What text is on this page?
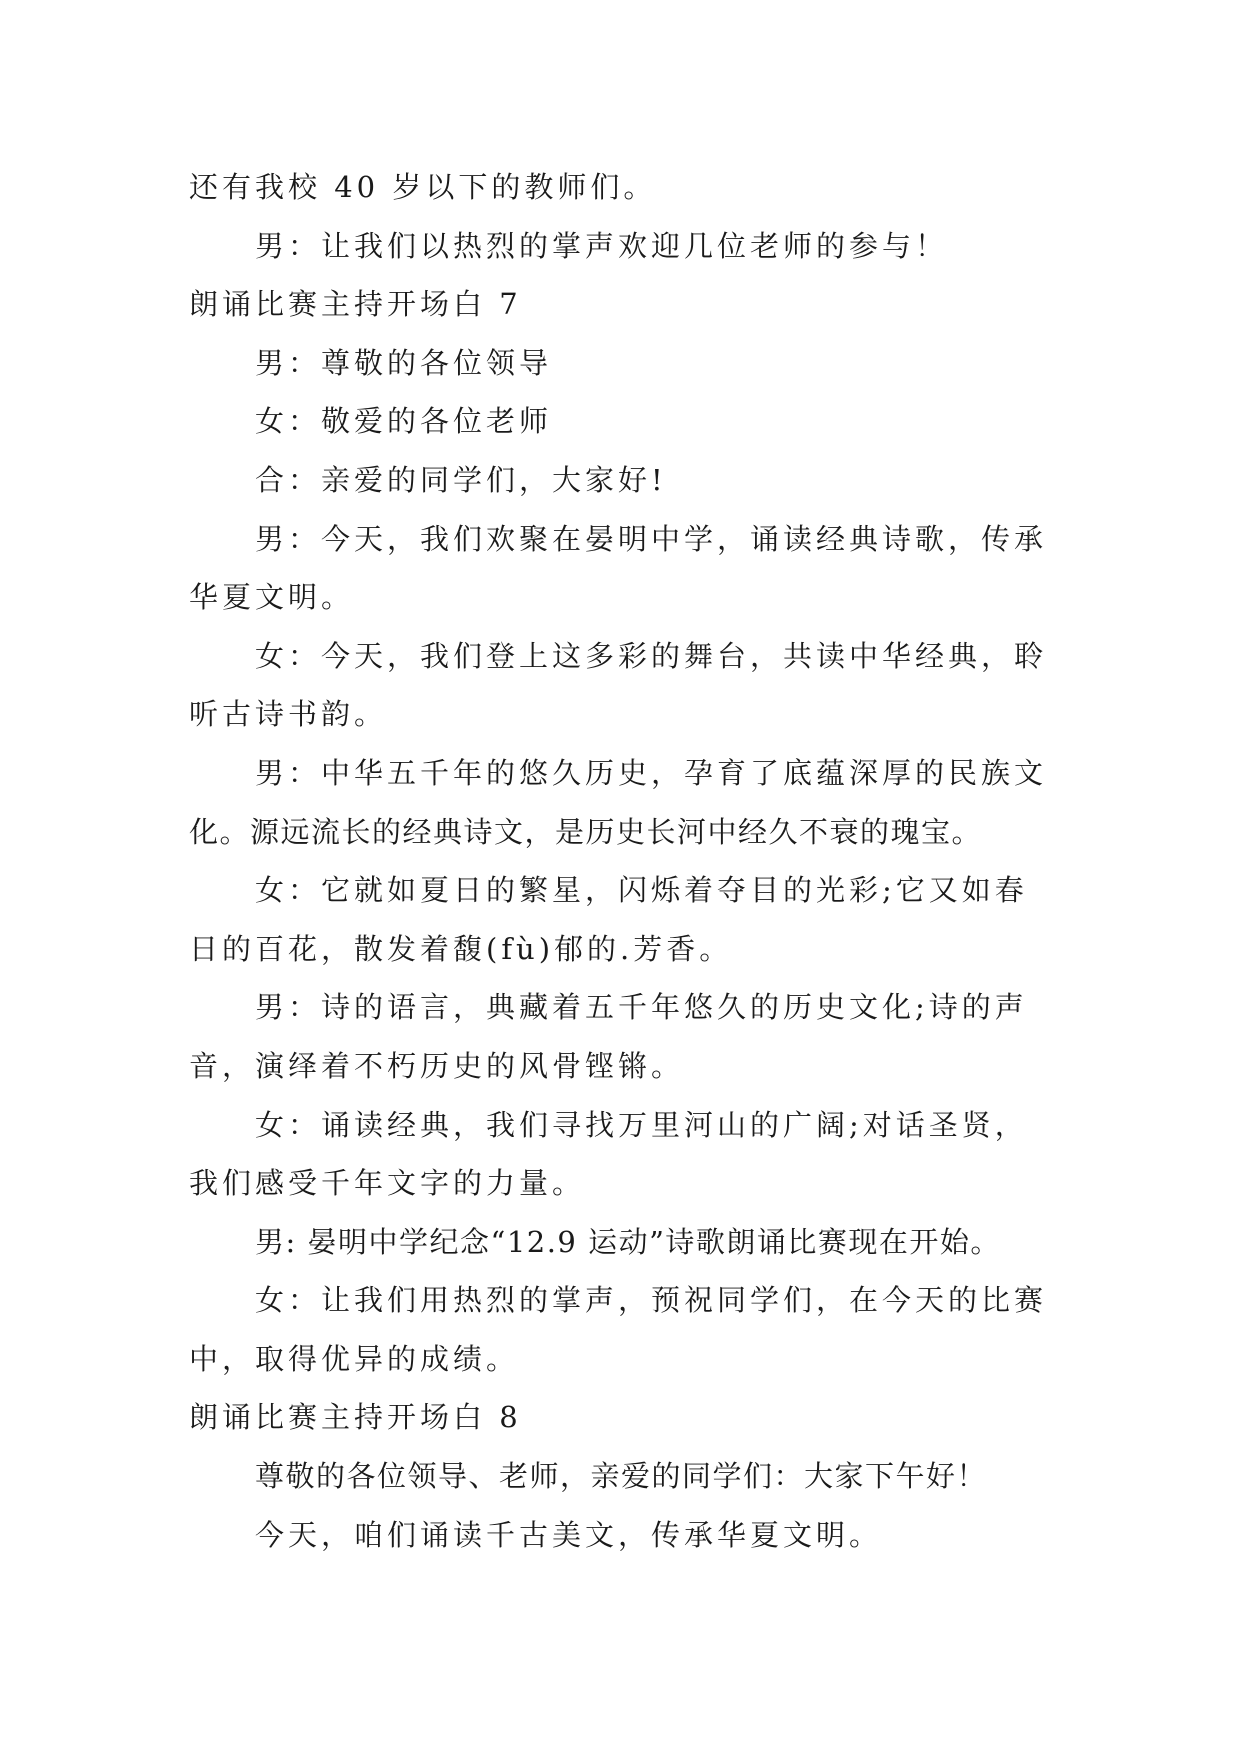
还有我校 40 岁以下的教师们。
男：让我们以热烈的掌声欢迎几位老师的参与！
朗诵比赛主持开场白 7
男：尊敬的各位领导
女：敬爱的各位老师
合：亲爱的同学们，大家好!
男：今天，我们欢聚在晏明中学，诵读经典诗歌，传承
华夏文明。
女：今天，我们登上这多彩的舞台，共读中华经典，聆
听古诗书韵。
男：中华五千年的悠久历史，孕育了底蕴深厚的民族文
化。源远流长的经典诗文，是历史长河中经久不衰的瑰宝。
女：它就如夏日的繁星，闪烁着夺目的光彩;它又如春
日的百花，散发着馥(fù)郁的.芳香。
男：诗的语言，典藏着五千年悠久的历史文化;诗的声
音，演绎着不朽历史的风骨铿锵。
女：诵读经典，我们寻找万里河山的广阔;对话圣贤，
我们感受千年文字的力量。
男: 晏明中学纪念“12.9 运动”诗歌朗诵比赛现在开始。
女：让我们用热烈的掌声，预祝同学们，在今天的比赛
中，取得优异的成绩。
朗诵比赛主持开场白 8
尊敬的各位领导、老师，亲爱的同学们：大家下午好！
今天，咱们诵读千古美文，传承华夏文明。
